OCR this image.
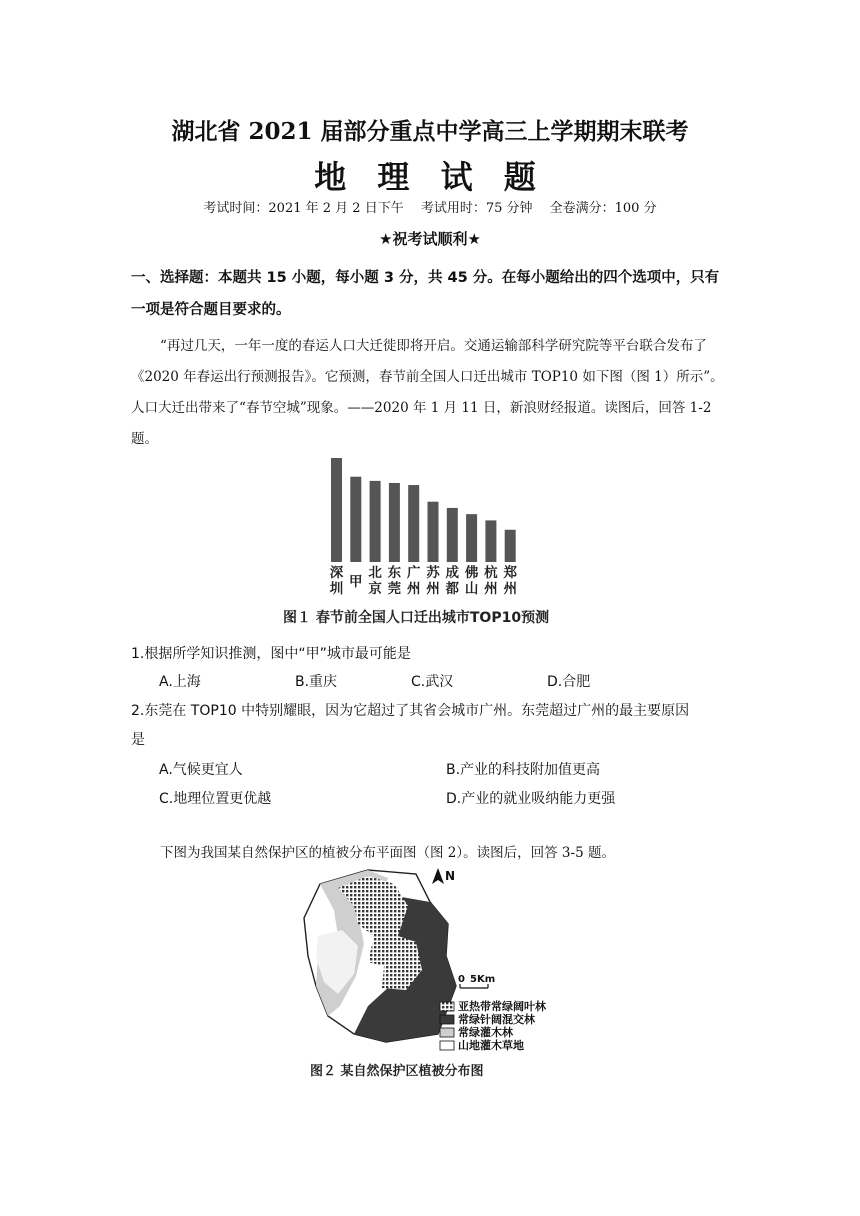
湖北省 2021 届部分重点中学高三上学期期末联考
地 理 试 题
考试时间：2021 年 2 月 2 日下午　 考试用时：75 分钟　 全卷满分：100 分
★祝考试顺利★
一、选择题：本题共 15 小题，每小题 3 分，共 45 分。在每小题给出的四个选项中，只有
一项是符合题目要求的。
“再过几天，一年一度的春运人口大迁徙即将开启。交通运输部科学研究院等平台联合发布了《2020 年春运出行预测报告》。它预测，春节前全国人口迁出城市 TOP10 如下图（图 1）所示”。人口大迁出带来了“春节空城”现象。——2020 年 1 月 11 日，新浪财经报道。读图后，回答 1-2 题。
深
圳 甲
北
京
东
莞
广
州
苏
州
成
都
佛
山
杭
州
郑
州
图１ 春节前全国人口迁出城市TOP10预测
1.根据所学知识推测，图中“甲”城市最可能是
A.上海	B.重庆	C.武汉	D.合肥
2.东莞在 TOP10 中特别耀眼，因为它超过了其省会城市广州。东莞超过广州的最主要原因
是
A.气候更宜人	B.产业的科技附加值更高
C.地理位置更优越	D.产业的就业吸纳能力更强
下图为我国某自然保护区的植被分布平面图（图 2）。读图后，回答 3-5 题。
N
0 5Km
亚热带常绿阔叶林
常绿针阔混交林
常绿灌木林
山地灌木草地
图２ 某自然保护区植被分布图
